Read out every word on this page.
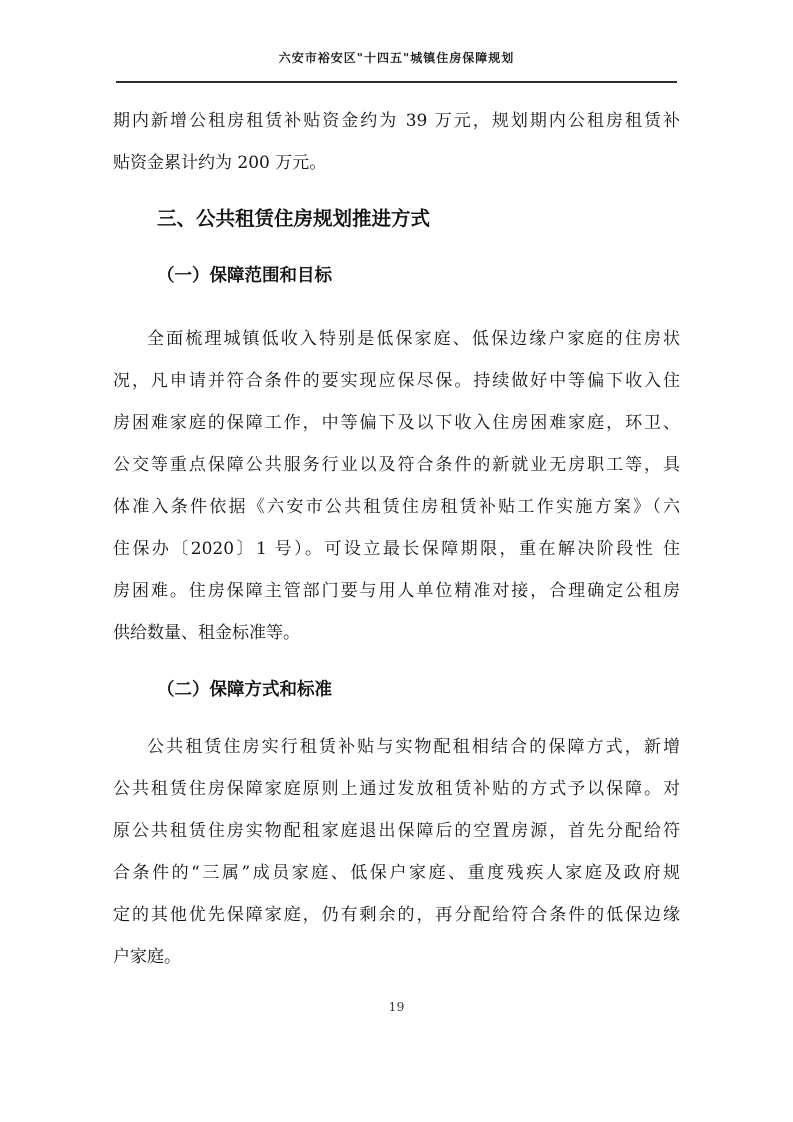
六安市裕安区"十四五"城镇住房保障规划
期内新增公租房租赁补贴资金约为 39 万元，规划期内公租房租赁补
贴资金累计约为 200 万元。
三、公共租赁住房规划推进方式
（一）保障范围和目标
全面梳理城镇低收入特别是低保家庭、低保边缘户家庭的住房状
况，凡申请并符合条件的要实现应保尽保。持续做好中等偏下收入住
房困难家庭的保障工作，中等偏下及以下收入住房困难家庭，环卫、
公交等重点保障公共服务行业以及符合条件的新就业无房职工等，具
体准入条件依据《六安市公共租赁住房租赁补贴工作实施方案》（六
住保办〔2020〕1 号）。可设立最长保障期限，重在解决阶段性 住
房困难。住房保障主管部门要与用人单位精准对接，合理确定公租房
供给数量、租金标准等。
（二）保障方式和标准
公共租赁住房实行租赁补贴与实物配租相结合的保障方式，新增
公共租赁住房保障家庭原则上通过发放租赁补贴的方式予以保障。对
原公共租赁住房实物配租家庭退出保障后的空置房源，首先分配给符
合条件的“三属”成员家庭、低保户家庭、重度残疾人家庭及政府规
定的其他优先保障家庭，仍有剩余的，再分配给符合条件的低保边缘
户家庭。
19
